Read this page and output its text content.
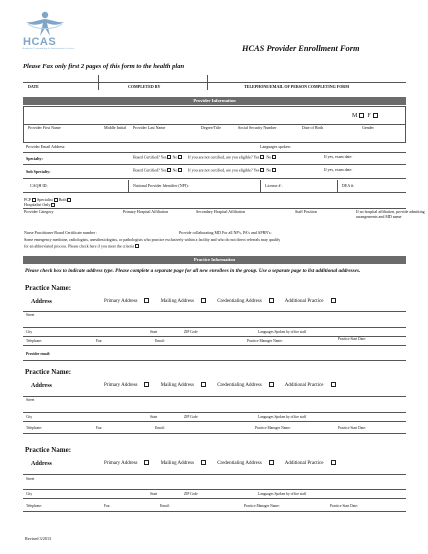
HCAS
Healthcare Credentialing & Administrative Services	HCAS Provider Enrollment Form
Please Fax only first 2 pages of this form to the health plan
DATE	COMPLETED BY	TELEPHONE/EMAIL OF PERSON COMPLETING FORM
Provider Information
M F
Provider First Name	Middle Initial	Provider Last Name	Degree/Title	Social Security Number	Date of Birth	Gender
Provider Email Address:	Languages spoken:
Specialty:	Board Certified? Yes No	If you are not certified, are you eligible? Yes No	If yes, exam date:
Sub Specialty:	Board Certified? Yes No	If you are not certified, are you eligible? Yes No	If yes, exam date:
CAQH ID:	National Provider Identifier (NPI):	License # :	DEA #:
PCP Specialist Both
Hospitalist Only
Provider Category	Primary Hospital Affiliation	Secondary Hospital Affiliation	Staff Position	If no hospital affiliation, provide admitting arrangements and MD name
Nurse Practitioner Board Certificate number :	Provide collaborating MD For all NP's, PA's and APRN's:
Some emergency medicine, radiologists, anesthesiologists, or pathologists who practice exclusively within a facility and who do not direct referrals may qualify
for an abbreviated process. Please check here if you meet the criteria
Practice Information
Please check box to indicate address type. Please complete a separate page for all new enrollees in the group. Use a separate page to list additional addresses.
Practice Name:
Address	Primary Address	Mailing Address	Credentialing Address	Additional Practice
Street
City	State	ZIP Code	Languages Spoken by office staff
Telephone:	Fax:	Email:	Practice Manager Name:	Practice Start Date:
Provider email:
Practice Name:
Address	Primary Address	Mailing Address	Credentialing Address	Additional Practice
Street
City	State	ZIP Code	Languages Spoken by office staff
Telephone:	Fax:	Email:	Practice Manager Name:	Practice Start Date:
Practice Name:
Address	Primary Address	Mailing Address	Credentialing Address	Additional Practice
Street
City	State	ZIP Code	Languages Spoken by office staff
Telephone:	Fax:	Email:	Practice Manager Name:	Practice Start Date:
Revised 3/2013
